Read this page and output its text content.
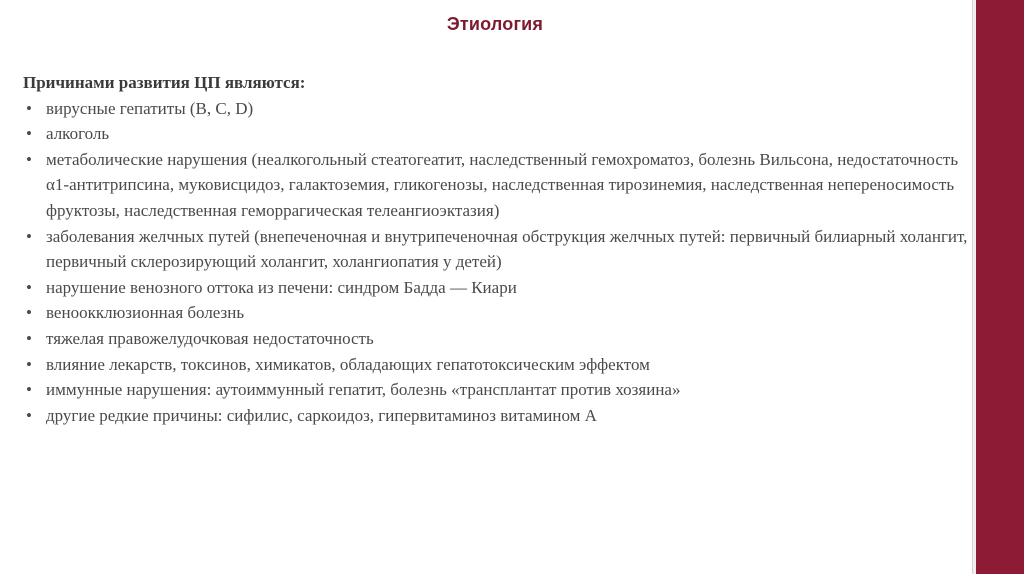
Этиология

Причинами развития ЦП являются:

• вирусные гепатиты (B, C, D)
• алкоголь
• метаболические нарушения (неалкогольный стеатогеатит, наследственный гемохроматоз, болезнь Вильсона, недостаточность α1-антитрипсина, муковисцидоз, галактоземия, гликогенозы, наследственная тирозинемия, наследственная непереносимость фруктозы, наследственная геморрагическая телеангиоэктазия)
• заболевания желчных путей (внепеченочная и внутрипеченочная обструкция желчных путей: первичный билиарный холангит, первичный склерозирующий холангит, холангиопатия у детей)
• нарушение венозного оттока из печени: синдром Бадда — Киари
• веноокклюзионная болезнь
• тяжелая правожелудочковая недостаточность
• влияние лекарств, токсинов, химикатов, обладающих гепатотоксическим эффектом
• иммунные нарушения: аутоиммунный гепатит, болезнь «трансплантат против хозяина»
• другие редкие причины: сифилис, саркоидоз, гипервитаминоз витамином A
